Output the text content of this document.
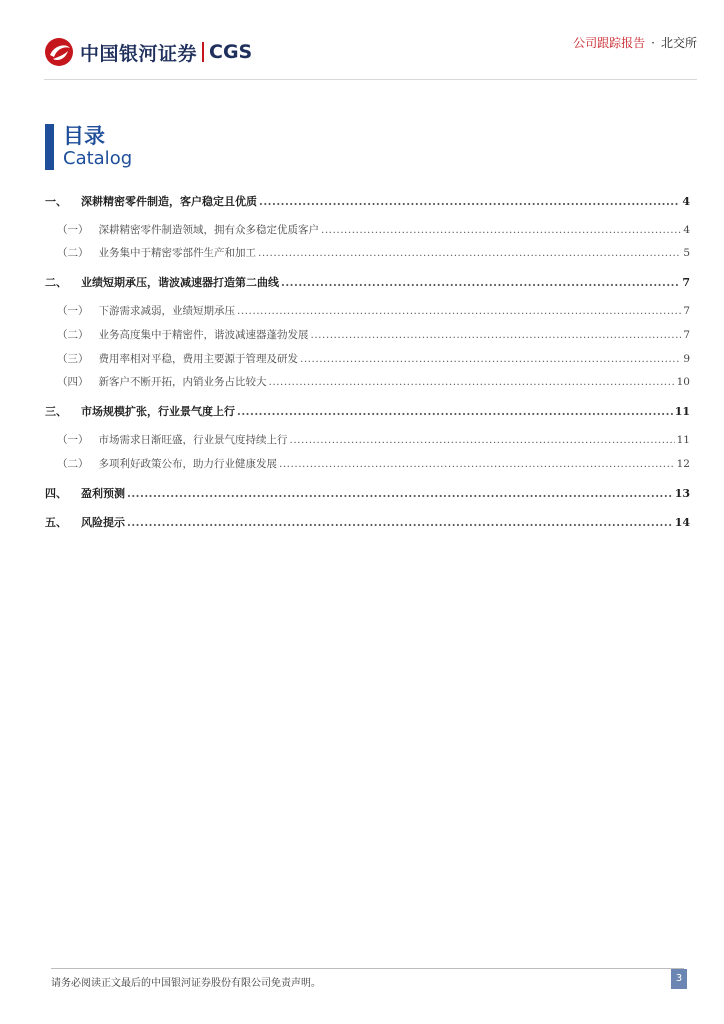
中国银河证券 CGS	公司跟踪报告 · 北交所
目录
Catalog
一、 深耕精密零件制造，客户稳定且优质 .....	4
（一） 深耕精密零件制造领域，拥有众多稳定优质客户 .....	4
（二） 业务集中于精密零部件生产和加工 .....	5
二、 业绩短期承压，谐波减速器打造第二曲线 .....	7
（一） 下游需求减弱，业绩短期承压 .....	7
（二） 业务高度集中于精密件，谐波减速器蓬勃发展 .....	7
（三） 费用率相对平稳，费用主要源于管理及研发 .....	9
（四） 新客户不断开拓，内销业务占比较大 .....	10
三、 市场规模扩张，行业景气度上行 .....	11
（一） 市场需求日渐旺盛，行业景气度持续上行 .....	11
（二） 多项利好政策公布，助力行业健康发展 .....	12
四、 盈利预测 .....	13
五、 风险提示 .....	14
请务必阅读正文最后的中国银河证券股份有限公司免责声明。	3
